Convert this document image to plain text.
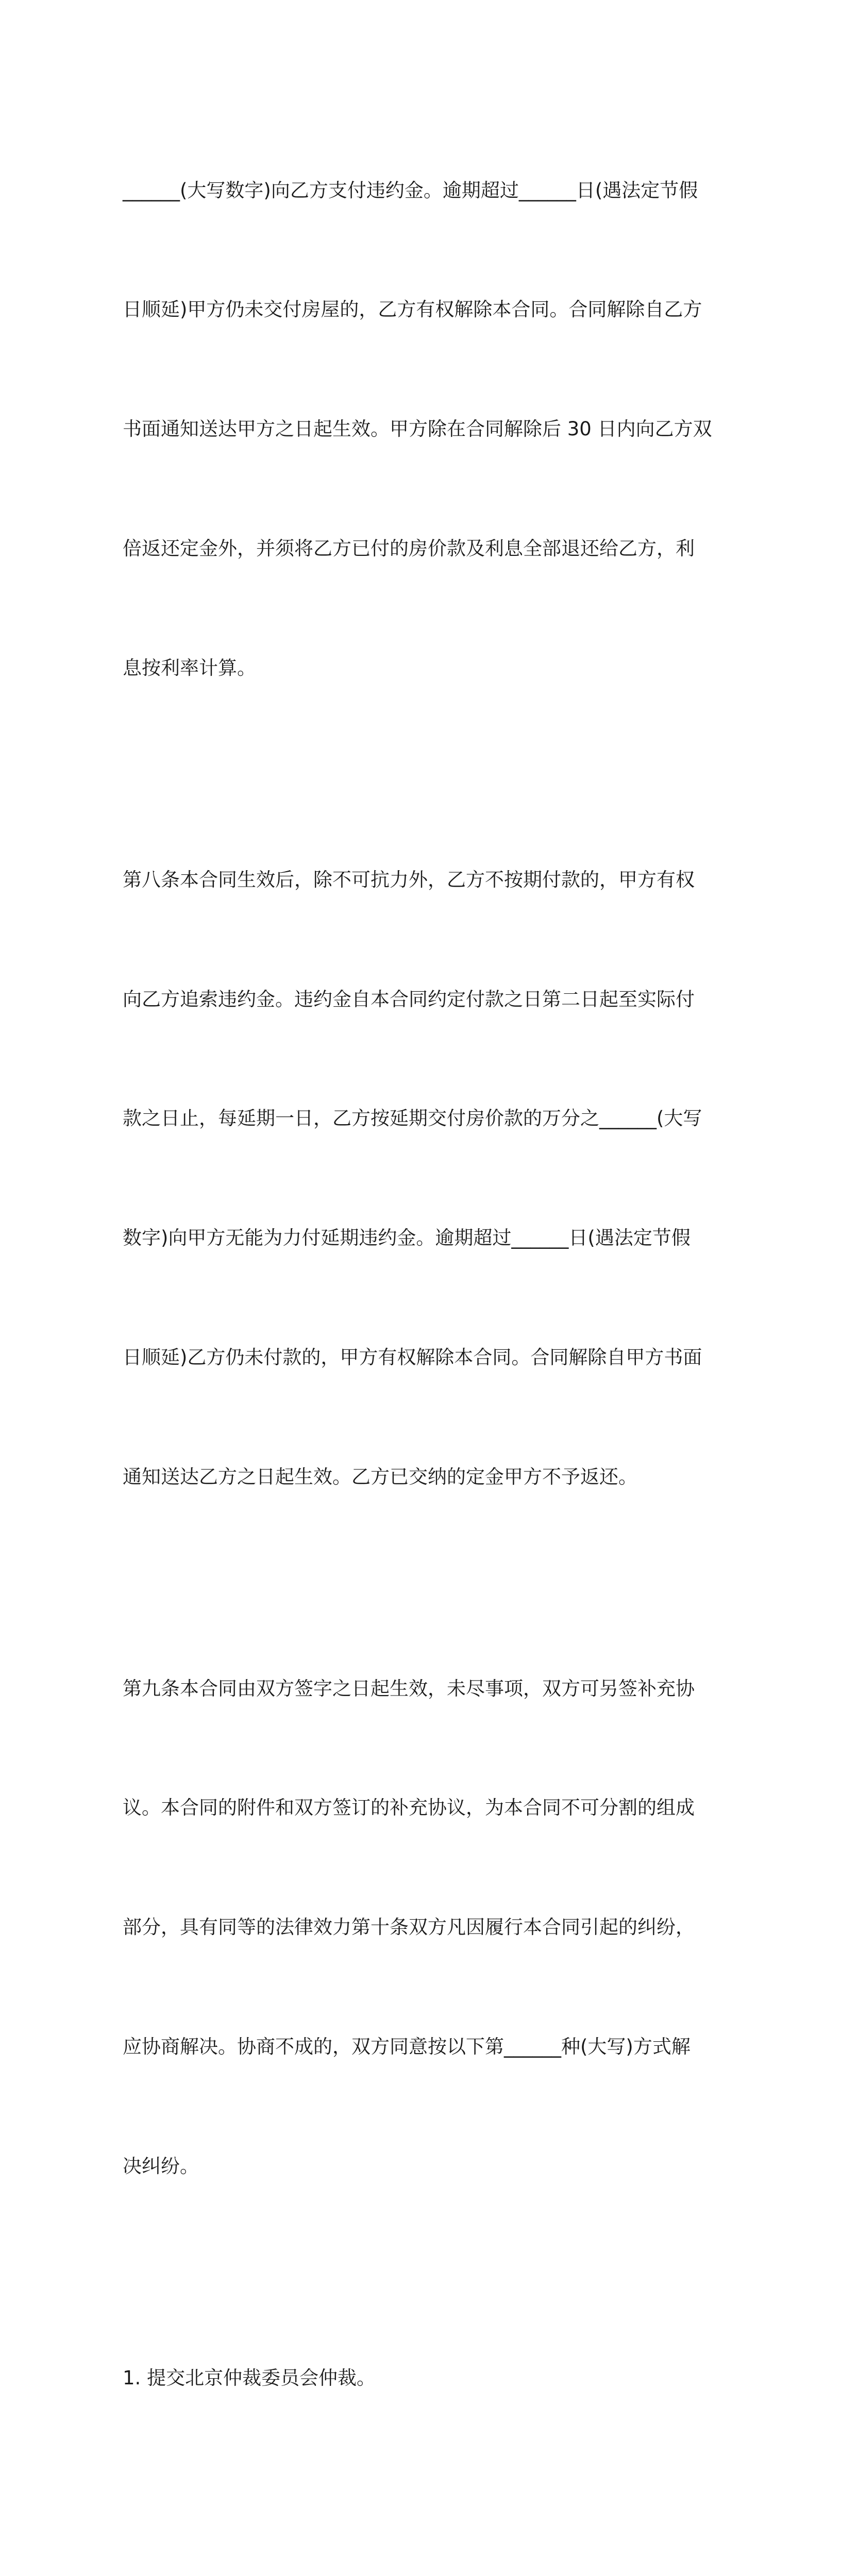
______(大写数字)向乙方支付违约金。逾期超过______日(遇法定节假

日顺延)甲方仍未交付房屋的，乙方有权解除本合同。合同解除自乙方

书面通知送达甲方之日起生效。甲方除在合同解除后 30 日内向乙方双

倍返还定金外，并须将乙方已付的房价款及利息全部退还给乙方，利

息按利率计算。

第八条本合同生效后，除不可抗力外，乙方不按期付款的，甲方有权

向乙方追索违约金。违约金自本合同约定付款之日第二日起至实际付

款之日止，每延期一日，乙方按延期交付房价款的万分之______(大写

数字)向甲方无能为力付延期违约金。逾期超过______日(遇法定节假

日顺延)乙方仍未付款的，甲方有权解除本合同。合同解除自甲方书面

通知送达乙方之日起生效。乙方已交纳的定金甲方不予返还。

第九条本合同由双方签字之日起生效，未尽事项，双方可另签补充协

议。本合同的附件和双方签订的补充协议，为本合同不可分割的组成

部分，具有同等的法律效力第十条双方凡因履行本合同引起的纠纷，

应协商解决。协商不成的，双方同意按以下第______种(大写)方式解

决纠纷。

1. 提交北京仲裁委员会仲裁。
